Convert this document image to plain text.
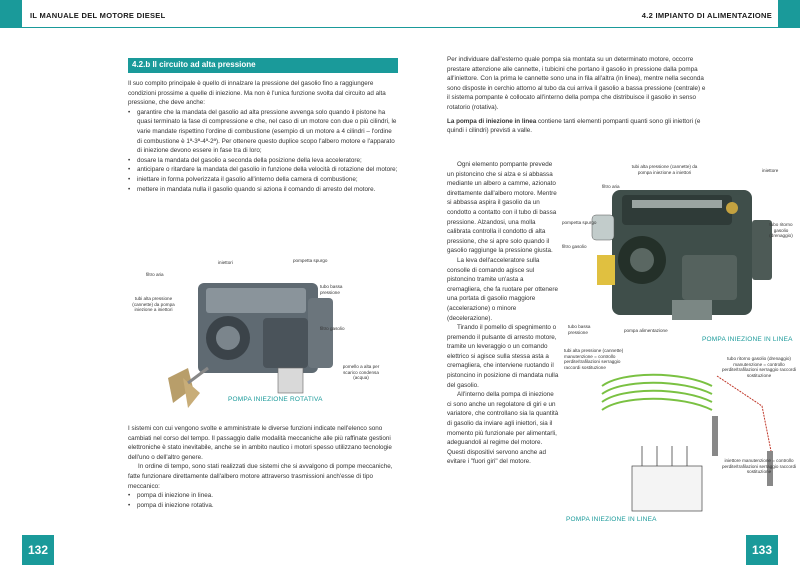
IL MANUALE DEL MOTORE DIESEL
4.2.b Il circuito ad alta pressione

Il suo compito principale è quello di innalzare la pressione del gasolio fino a raggiungere condizioni prossime a quelle di iniezione. Ma non è l'unica funzione svolta dal circuito ad alta pressione, che deve anche:

• garantire che la mandata del gasolio ad alta pressione avvenga solo quando il pistone ha quasi terminato la fase di compressione e che, nel caso di un motore con due o più cilindri, le varie mandate rispettino l'ordine di combustione (esempio di un motore a 4 cilindri – l'ordine di combustione è 1ª-3ª-4ª-2ª). Per ottenere questo duplice scopo l'albero motore e l'apparato di iniezione devono essere in fase tra di loro;
• dosare la mandata del gasolio a seconda della posizione della leva acceleratore;
• anticipare o ritardare la mandata del gasolio in funzione della velocità di rotazione del motore;
• iniettare in forma polverizzata il gasolio all'interno della camera di combustione;
• mettere in mandata nulla il gasolio quando si aziona il comando di arresto del motore.
iniettori	pompetta spurgo
filtro aria
tubo bassa pressione
tubi alta pressione (cannette) da pompa iniezione a iniettori
filtro gasolio
pomello a alta per scarico condensa (acqua)
POMPA INIEZIONE ROTATIVA

I sistemi con cui vengono svolte e amministrate le diverse funzioni indicate nell'elenco sono cambiati nel corso del tempo. Il passaggio dalle modalità meccaniche alle più raffinate gestioni elettroniche è stato inevitabile, anche se in ambito nautico i motori spesso utilizzano tecnologie dell'uno o dell'altro genere.

In ordine di tempo, sono stati realizzati due sistemi che si avvalgono di pompe meccaniche, fatte funzionare direttamente dall'albero motore attraverso trasmissioni anch'esse di tipo meccanico:

• pompa di iniezione in linea.
• pompa di iniezione rotativa.
132
4.2 IMPIANTO DI ALIMENTAZIONE

Per individuare dall'esterno quale pompa sia montata su un determinato motore, occorre prestare attenzione alle cannette, i tubicini che portano il gasolio in pressione dalla pompa all'iniettore. Con la prima le cannette sono una in fila all'altra (in linea), mentre nella seconda sono disposte in cerchio attorno al tubo da cui arriva il gasolio a bassa pressione (centrale) e il sistema pompante è collocato all'interno della pompa che distribuisce il gasolio in senso rotatorio (rotativa).

La pompa di iniezione in linea contiene tanti elementi pompanti quanti sono gli iniettori (e quindi i cilindri) previsti a valle.

Ogni elemento pompante prevede un pistoncino che si alza e si abbassa mediante un albero a camme, azionato direttamente dall'albero motore. Mentre si abbassa aspira il gasolio da un condotto a contatto con il tubo di bassa pressione. Alzandosi, una molla calibrata controlla il condotto di alta pressione, che si apre solo quando il gasolio raggiunge la pressione giusta.

La leva dell'acceleratore sulla consolle di comando agisce sul pistoncino tramite un'asta a cremagliera, che fa ruotare per ottenere una portata di gasolio maggiore (accelerazione) o minore (decelerazione).

Tirando il pomello di spegnimento o premendo il pulsante di arresto motore, tramite un leveraggio o un comando elettrico si agisce sulla stessa asta a cremagliera, che interviene ruotando il pistoncino in posizione di mandata nulla del gasolio.

All'interno della pompa di iniezione ci sono anche un regolatore di giri e un variatore, che controllano sia la quantità di gasolio da inviare agli iniettori, sia il momento più funzionale per alimentarli, adeguandoli al regime del motore. Questi dispositivi servono anche ad evitare i "fuori giri" del motore.

tubi alta pressione (cannette) da pompa iniezione a iniettori	iniettore
filtro aria
pompetta spurgo	tubo ritorno gasolio (drenaggio)
filtro gasolio
tubo bassa pressione	pompa alimentazione
POMPA INIEZIONE IN LINEA
tubi alta pressione (cannette) manutenzione = controllo perdite/trafilazioni serraggio raccordi sostituzione
tubo ritorno gasolio (drenaggio) manutenzione = controllo perdite/trafilazioni serraggio raccordi sostituzione
iniettore manutenzione = controllo perdite/trafilazioni serraggio raccordi sostituzione
POMPA INIEZIONE IN LINEA
133
